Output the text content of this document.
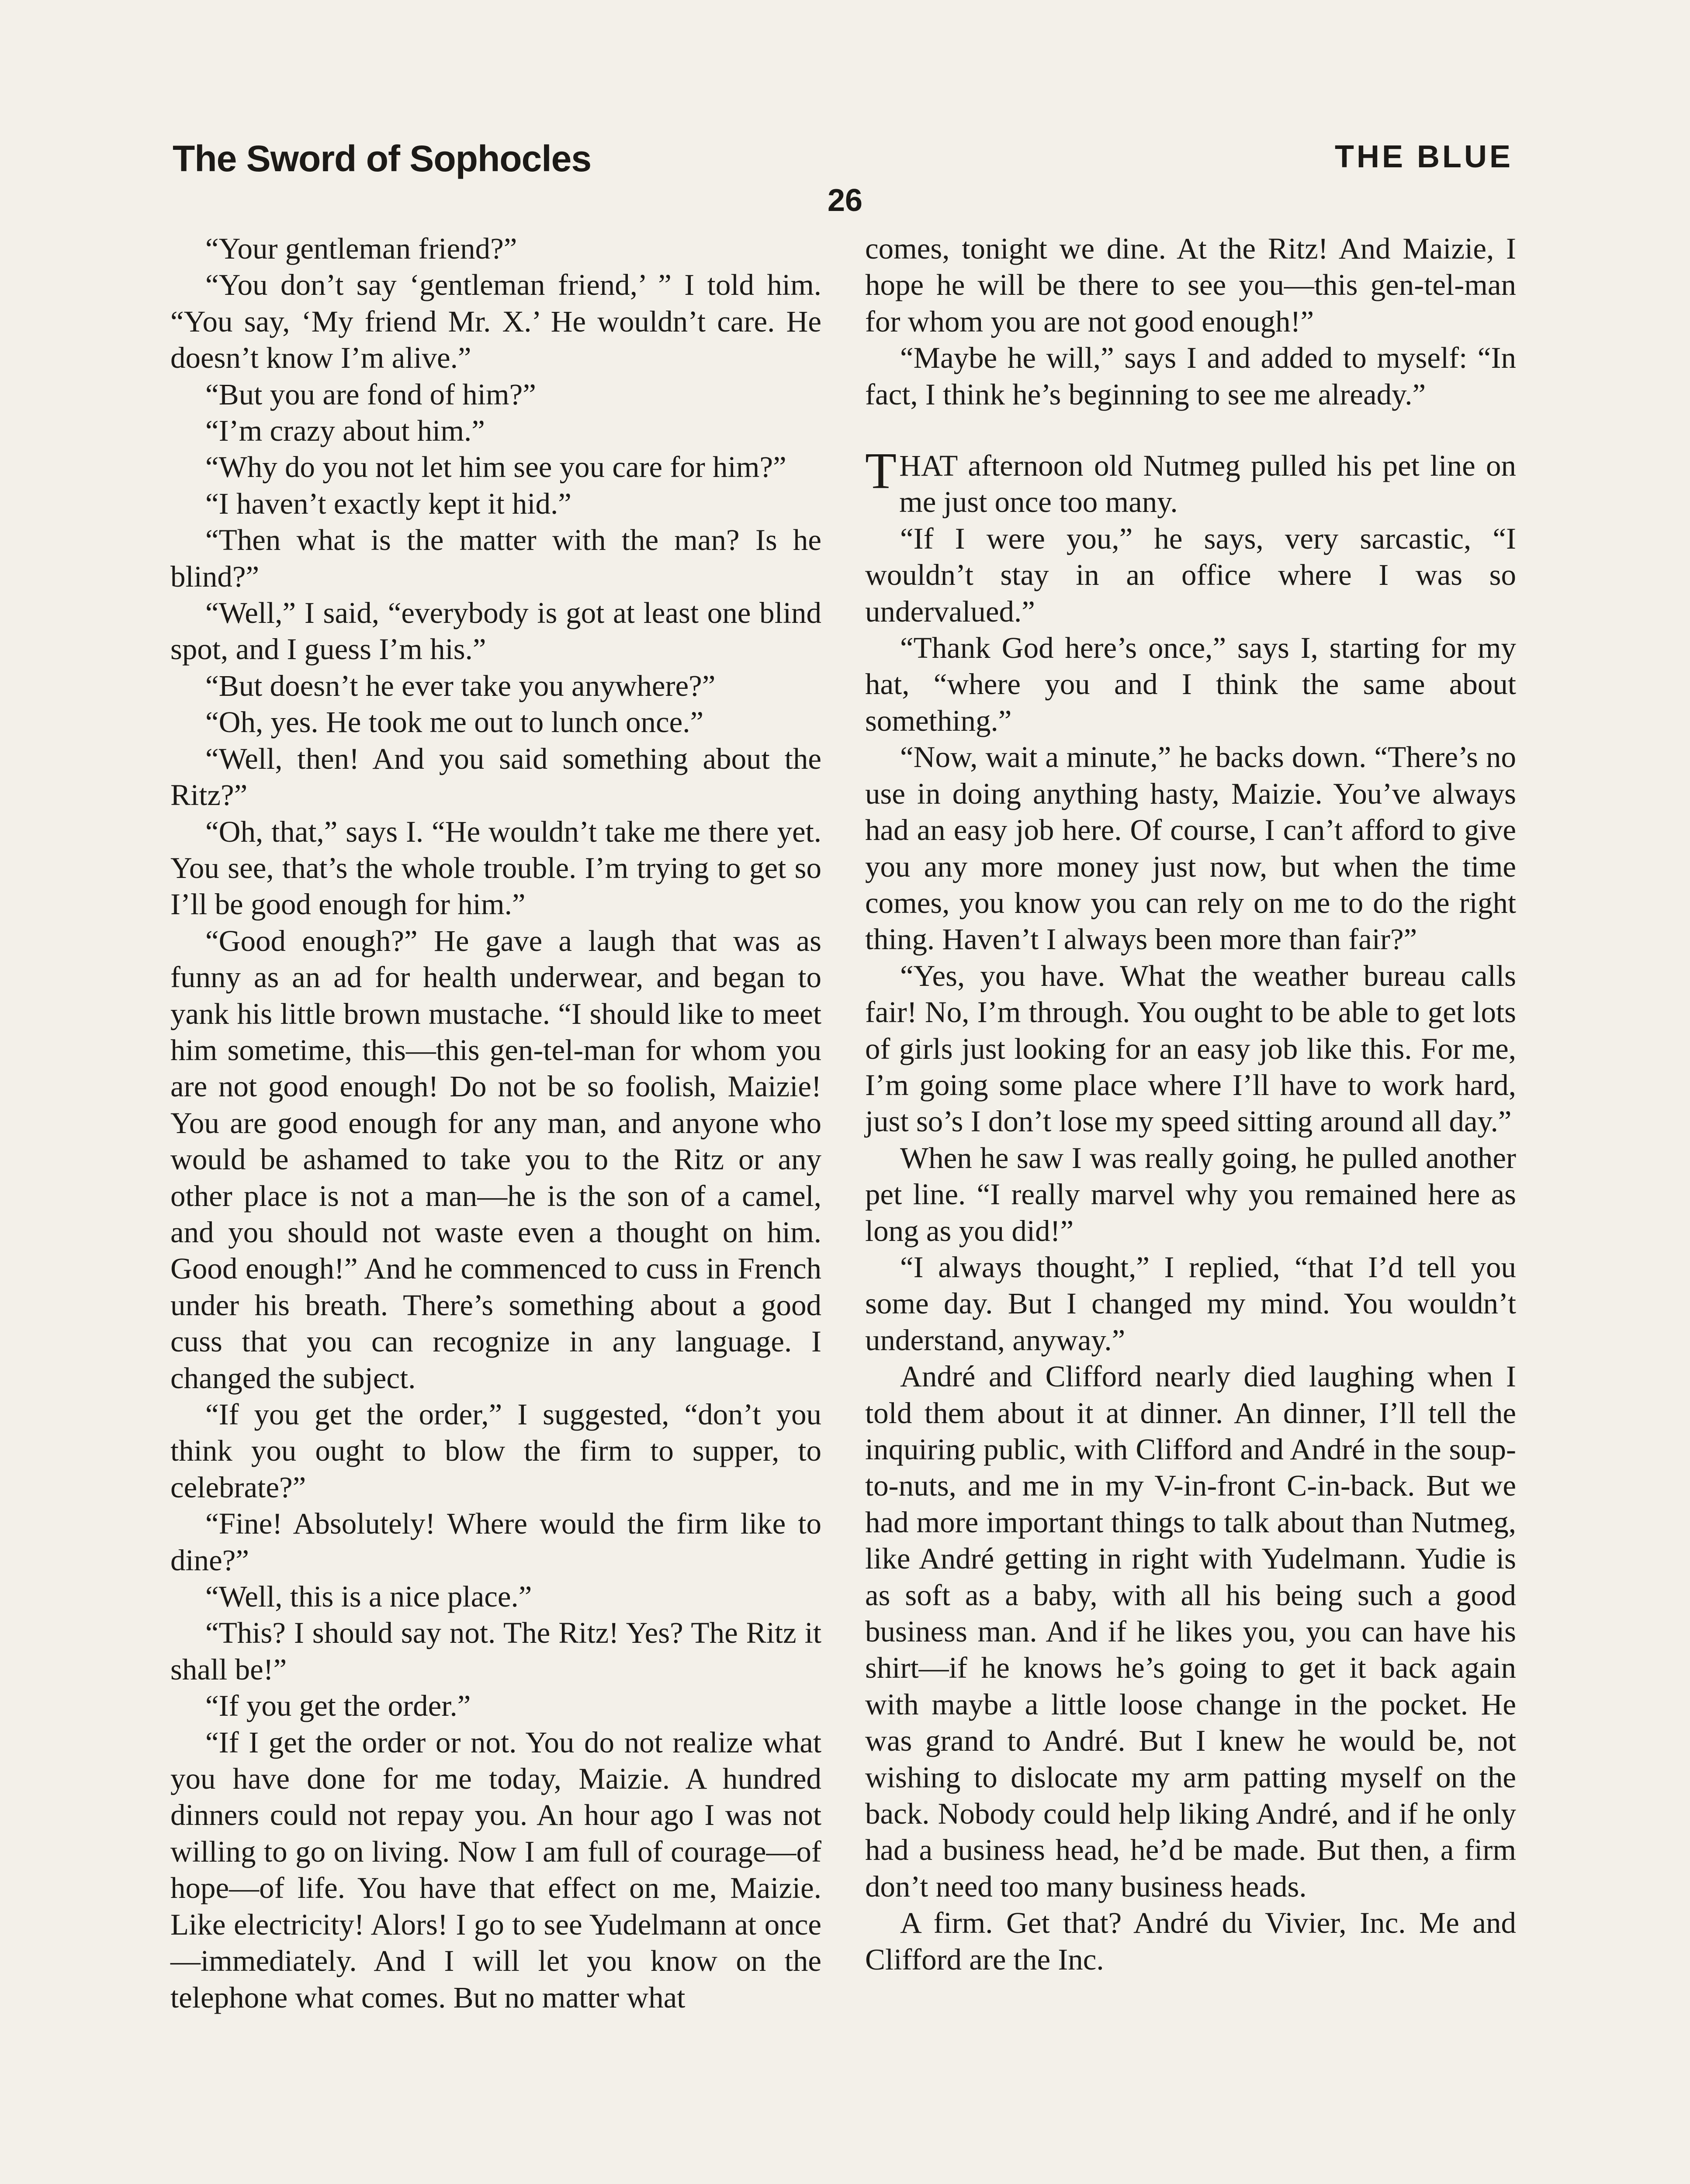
The Sword of Sophocles	THE BLUE
26

“Your gentleman friend?”

“You don’t say ‘gentleman friend,’ ” I told him. “You say, ‘My friend Mr. X.’ He wouldn’t care. He doesn’t know I’m alive.”

“But you are fond of him?”

“I’m crazy about him.”

“Why do you not let him see you care for him?”

“I haven’t exactly kept it hid.”

“Then what is the matter with the man? Is he blind?”

“Well,” I said, “everybody is got at least one blind spot, and I guess I’m his.”

“But doesn’t he ever take you anywhere?”

“Oh, yes. He took me out to lunch once.”

“Well, then! And you said something about the Ritz?”

“Oh, that,” says I. “He wouldn’t take me there yet. You see, that’s the whole trouble. I’m trying to get so I’ll be good enough for him.”

“Good enough?” He gave a laugh that was as funny as an ad for health underwear, and began to yank his little brown mustache. “I should like to meet him sometime, this—this gen-tel-man for whom you are not good enough! Do not be so foolish, Maizie! You are good enough for any man, and anyone who would be ashamed to take you to the Ritz or any other place is not a man—he is the son of a camel, and you should not waste even a thought on him. Good enough!” And he commenced to cuss in French under his breath. There’s something about a good cuss that you can recognize in any language. I changed the subject.

“If you get the order,” I suggested, “don’t you think you ought to blow the firm to supper, to celebrate?”

“Fine! Absolutely! Where would the firm like to dine?”

“Well, this is a nice place.”

“This? I should say not. The Ritz! Yes? The Ritz it shall be!”

“If you get the order.”

“If I get the order or not. You do not realize what you have done for me today, Maizie. A hundred dinners could not repay you. An hour ago I was not willing to go on living. Now I am full of courage—of hope—of life. You have that effect on me, Maizie. Like electricity! Alors! I go to see Yudelmann at once—immediately. And I will let you know on the telephone what comes. But no matter what

comes, tonight we dine. At the Ritz! And Maizie, I hope he will be there to see you—this gen-tel-man for whom you are not good enough!”

“Maybe he will,” says I and added to myself: “In fact, I think he’s beginning to see me already.”

THAT afternoon old Nutmeg pulled his pet line on me just once too many.

“If I were you,” he says, very sarcastic, “I wouldn’t stay in an office where I was so undervalued.”

“Thank God here’s once,” says I, starting for my hat, “where you and I think the same about something.”

“Now, wait a minute,” he backs down. “There’s no use in doing anything hasty, Maizie. You’ve always had an easy job here. Of course, I can’t afford to give you any more money just now, but when the time comes, you know you can rely on me to do the right thing. Haven’t I always been more than fair?”

“Yes, you have. What the weather bureau calls fair! No, I’m through. You ought to be able to get lots of girls just looking for an easy job like this. For me, I’m going some place where I’ll have to work hard, just so’s I don’t lose my speed sitting around all day.”

When he saw I was really going, he pulled another pet line. “I really marvel why you remained here as long as you did!”

“I always thought,” I replied, “that I’d tell you some day. But I changed my mind. You wouldn’t understand, anyway.”

André and Clifford nearly died laughing when I told them about it at dinner. An dinner, I’ll tell the inquiring public, with Clifford and André in the soup-to-nuts, and me in my V-in-front C-in-back. But we had more important things to talk about than Nutmeg, like André getting in right with Yudelmann. Yudie is as soft as a baby, with all his being such a good business man. And if he likes you, you can have his shirt—if he knows he’s going to get it back again with maybe a little loose change in the pocket. He was grand to André. But I knew he would be, not wishing to dislocate my arm patting myself on the back. Nobody could help liking André, and if he only had a business head, he’d be made. But then, a firm don’t need too many business heads.

A firm. Get that? André du Vivier, Inc. Me and Clifford are the Inc.
